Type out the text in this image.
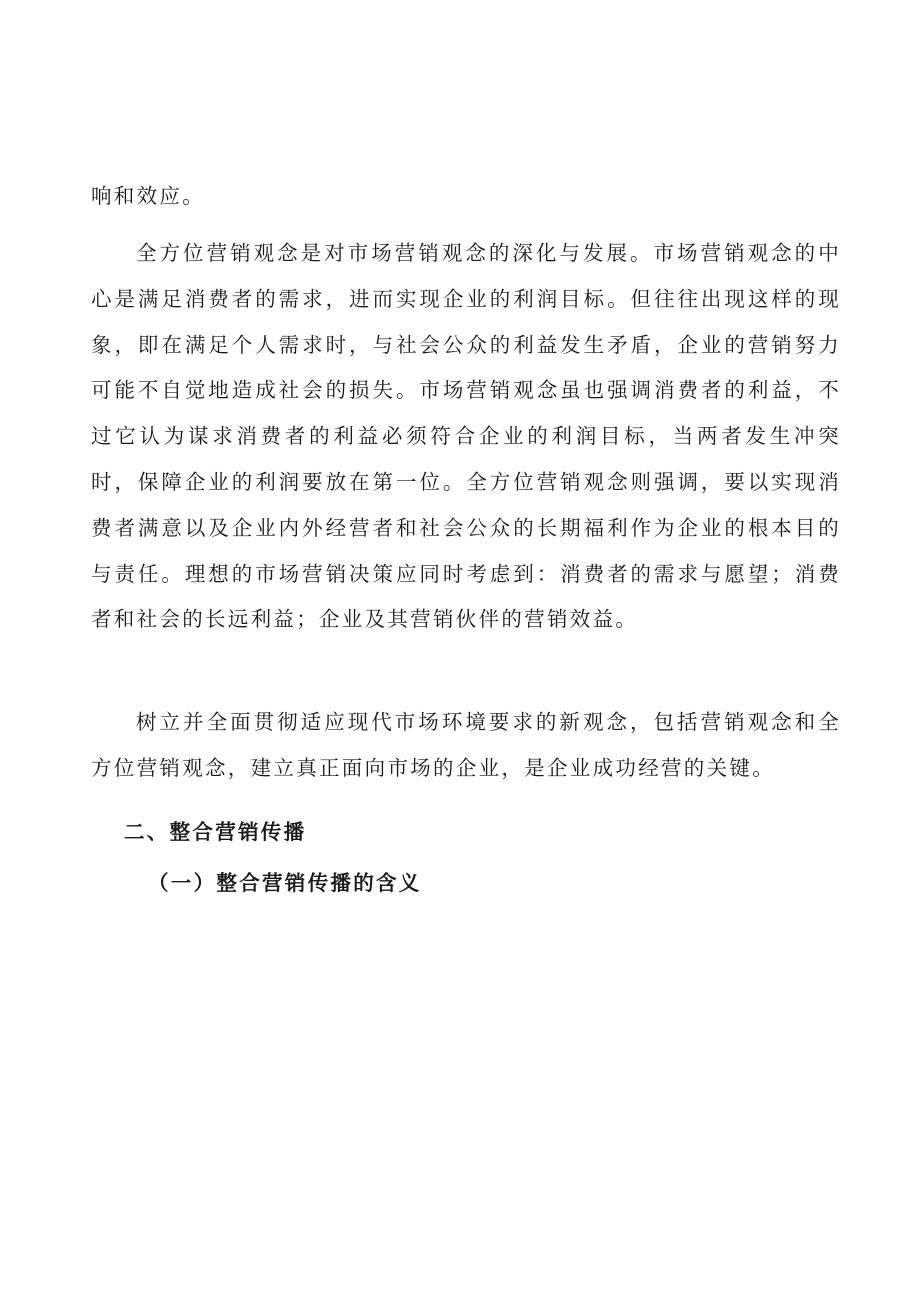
响和效应。

全方位营销观念是对市场营销观念的深化与发展。市场营销观念的中心是满足消费者的需求，进而实现企业的利润目标。但往往出现这样的现象，即在满足个人需求时，与社会公众的利益发生矛盾，企业的营销努力可能不自觉地造成社会的损失。市场营销观念虽也强调消费者的利益，不过它认为谋求消费者的利益必须符合企业的利润目标，当两者发生冲突时，保障企业的利润要放在第一位。全方位营销观念则强调，要以实现消费者满意以及企业内外经营者和社会公众的长期福利作为企业的根本目的与责任。理想的市场营销决策应同时考虑到：消费者的需求与愿望；消费者和社会的长远利益；企业及其营销伙伴的营销效益。

树立并全面贯彻适应现代市场环境要求的新观念，包括营销观念和全方位营销观念，建立真正面向市场的企业，是企业成功经营的关键。

二、整合营销传播
（一）整合营销传播的含义
